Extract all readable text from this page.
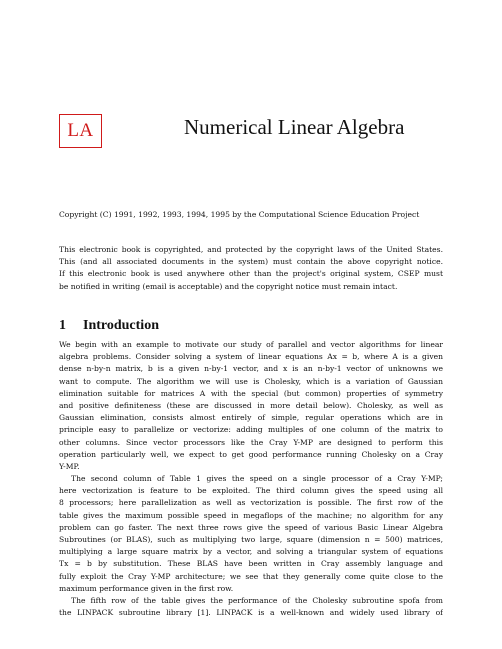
LA	Numerical Linear Algebra
Copyright (C) 1991, 1992, 1993, 1994, 1995 by the Computational Science Education Project
This electronic book is copyrighted, and protected by the copyright laws of the United States.
This (and all associated documents in the system) must contain the above copyright notice.
If this electronic book is used anywhere other than the project's original system, CSEP must
be notified in writing (email is acceptable) and the copyright notice must remain intact.
1 Introduction
We begin with an example to motivate our study of parallel and vector algorithms for linear
algebra problems. Consider solving a system of linear equations Ax = b, where A is a given
dense n-by-n matrix, b is a given n-by-1 vector, and x is an n-by-1 vector of unknowns we
want to compute. The algorithm we will use is Cholesky, which is a variation of Gaussian
elimination suitable for matrices A with the special (but common) properties of symmetry
and positive definiteness (these are discussed in more detail below). Cholesky, as well as
Gaussian elimination, consists almost entirely of simple, regular operations which are in
principle easy to parallelize or vectorize: adding multiples of one column of the matrix to
other columns. Since vector processors like the Cray Y-MP are designed to perform this
operation particularly well, we expect to get good performance running Cholesky on a Cray
Y-MP.
The second column of Table 1 gives the speed on a single processor of a Cray Y-MP;
here vectorization is feature to be exploited. The third column gives the speed using all
8 processors; here parallelization as well as vectorization is possible. The first row of the
table gives the maximum possible speed in megaflops of the machine; no algorithm for any
problem can go faster. The next three rows give the speed of various Basic Linear Algebra
Subroutines (or BLAS), such as multiplying two large, square (dimension n = 500) matrices,
multiplying a large square matrix by a vector, and solving a triangular system of equations
Tx = b by substitution. These BLAS have been written in Cray assembly language and
fully exploit the Cray Y-MP architecture; we see that they generally come quite close to the
maximum performance given in the first row.
The fifth row of the table gives the performance of the Cholesky subroutine spofa from
the LINPACK subroutine library [1]. LINPACK is a well-known and widely used library of
